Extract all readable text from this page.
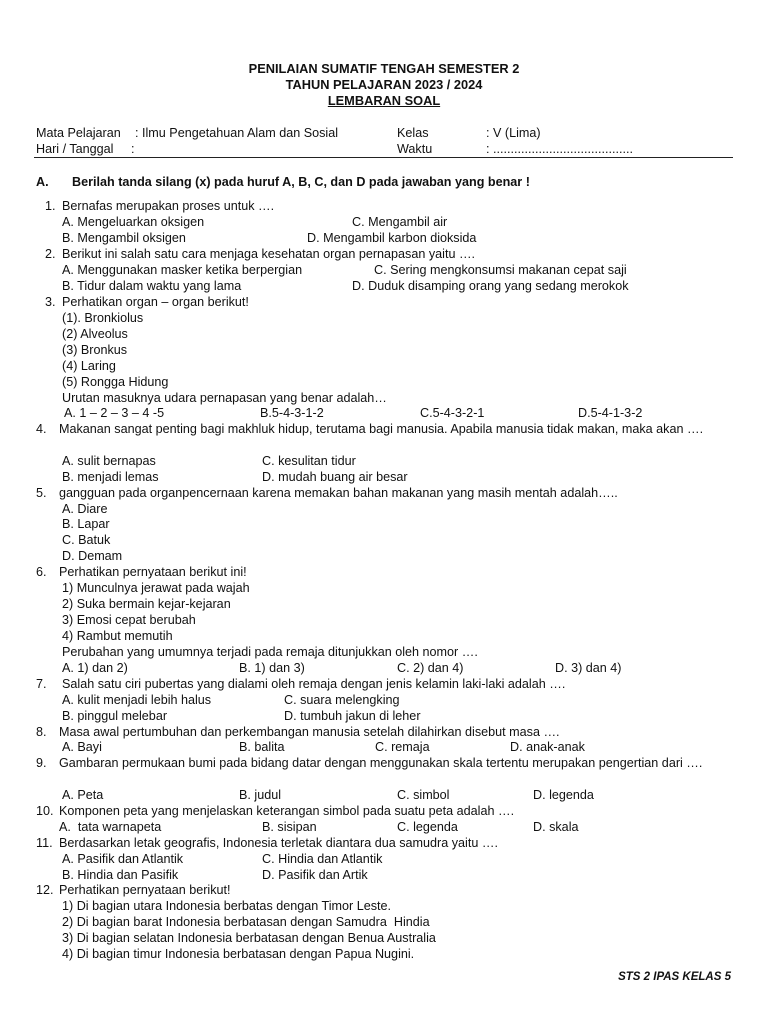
PENILAIAN SUMATIF TENGAH SEMESTER 2
TAHUN PELAJARAN 2023 / 2024
LEMBARAN SOAL
Mata Pelajaran : Ilmu Pengetahuan Alam dan Sosial	Kelas	: V (Lima)
Hari / Tanggal :	Waktu	: ........................................
A. Berilah tanda silang (x) pada huruf A, B, C, dan D pada jawaban yang benar !
1. Bernafas merupakan proses untuk ….
A. Mengeluarkan oksigen	C. Mengambil air
B. Mengambil oksigen	D. Mengambil karbon dioksida
2. Berikut ini salah satu cara menjaga kesehatan organ pernapasan yaitu ….
A. Menggunakan masker ketika berpergian	C. Sering mengkonsumsi makanan cepat saji
B. Tidur dalam waktu yang lama	D. Duduk disamping orang yang sedang merokok
3. Perhatikan organ – organ berikut!
(1). Bronkiolus
(2) Alveolus
(3) Bronkus
(4) Laring
(5) Rongga Hidung
Urutan masuknya udara pernapasan yang benar adalah…
A. 1 – 2 – 3 – 4 -5	B.5-4-3-1-2	C.5-4-3-2-1	D.5-4-1-3-2
4. Makanan sangat penting bagi makhluk hidup, terutama bagi manusia. Apabila manusia tidak makan, maka akan ….
A. sulit bernapas	C. kesulitan tidur
B. menjadi lemas	D. mudah buang air besar
5. gangguan pada organpencernaan karena memakan bahan makanan yang masih mentah adalah…..
A. Diare
B. Lapar
C. Batuk
D. Demam
6. Perhatikan pernyataan berikut ini!
1) Munculnya jerawat pada wajah
2) Suka bermain kejar-kejaran
3) Emosi cepat berubah
4) Rambut memutih
Perubahan yang umumnya terjadi pada remaja ditunjukkan oleh nomor ….
A. 1) dan 2)	B. 1) dan 3)	C. 2) dan 4)	D. 3) dan 4)
7. Salah satu ciri pubertas yang dialami oleh remaja dengan jenis kelamin laki-laki adalah ….
A. kulit menjadi lebih halus	C. suara melengking
B. pinggul melebar	D. tumbuh jakun di leher
8. Masa awal pertumbuhan dan perkembangan manusia setelah dilahirkan disebut masa ….
A. Bayi	B. balita	C. remaja	D. anak-anak
9. Gambaran permukaan bumi pada bidang datar dengan menggunakan skala tertentu merupakan pengertian dari ….
A. Peta	B. judul	C. simbol	D. legenda
10. Komponen peta yang menjelaskan keterangan simbol pada suatu peta adalah ….
A.  tata warnapeta	B. sisipan	C. legenda	D. skala
11. Berdasarkan letak geografis, Indonesia terletak diantara dua samudra yaitu ….
A. Pasifik dan Atlantik	C. Hindia dan Atlantik
B. Hindia dan Pasifik	D. Pasifik dan Artik
12. Perhatikan pernyataan berikut!
1) Di bagian utara Indonesia berbatas dengan Timor Leste.
2) Di bagian barat Indonesia berbatasan dengan Samudra  Hindia
3) Di bagian selatan Indonesia berbatasan dengan Benua Australia
4) Di bagian timur Indonesia berbatasan dengan Papua Nugini.
STS 2 IPAS KELAS 5
